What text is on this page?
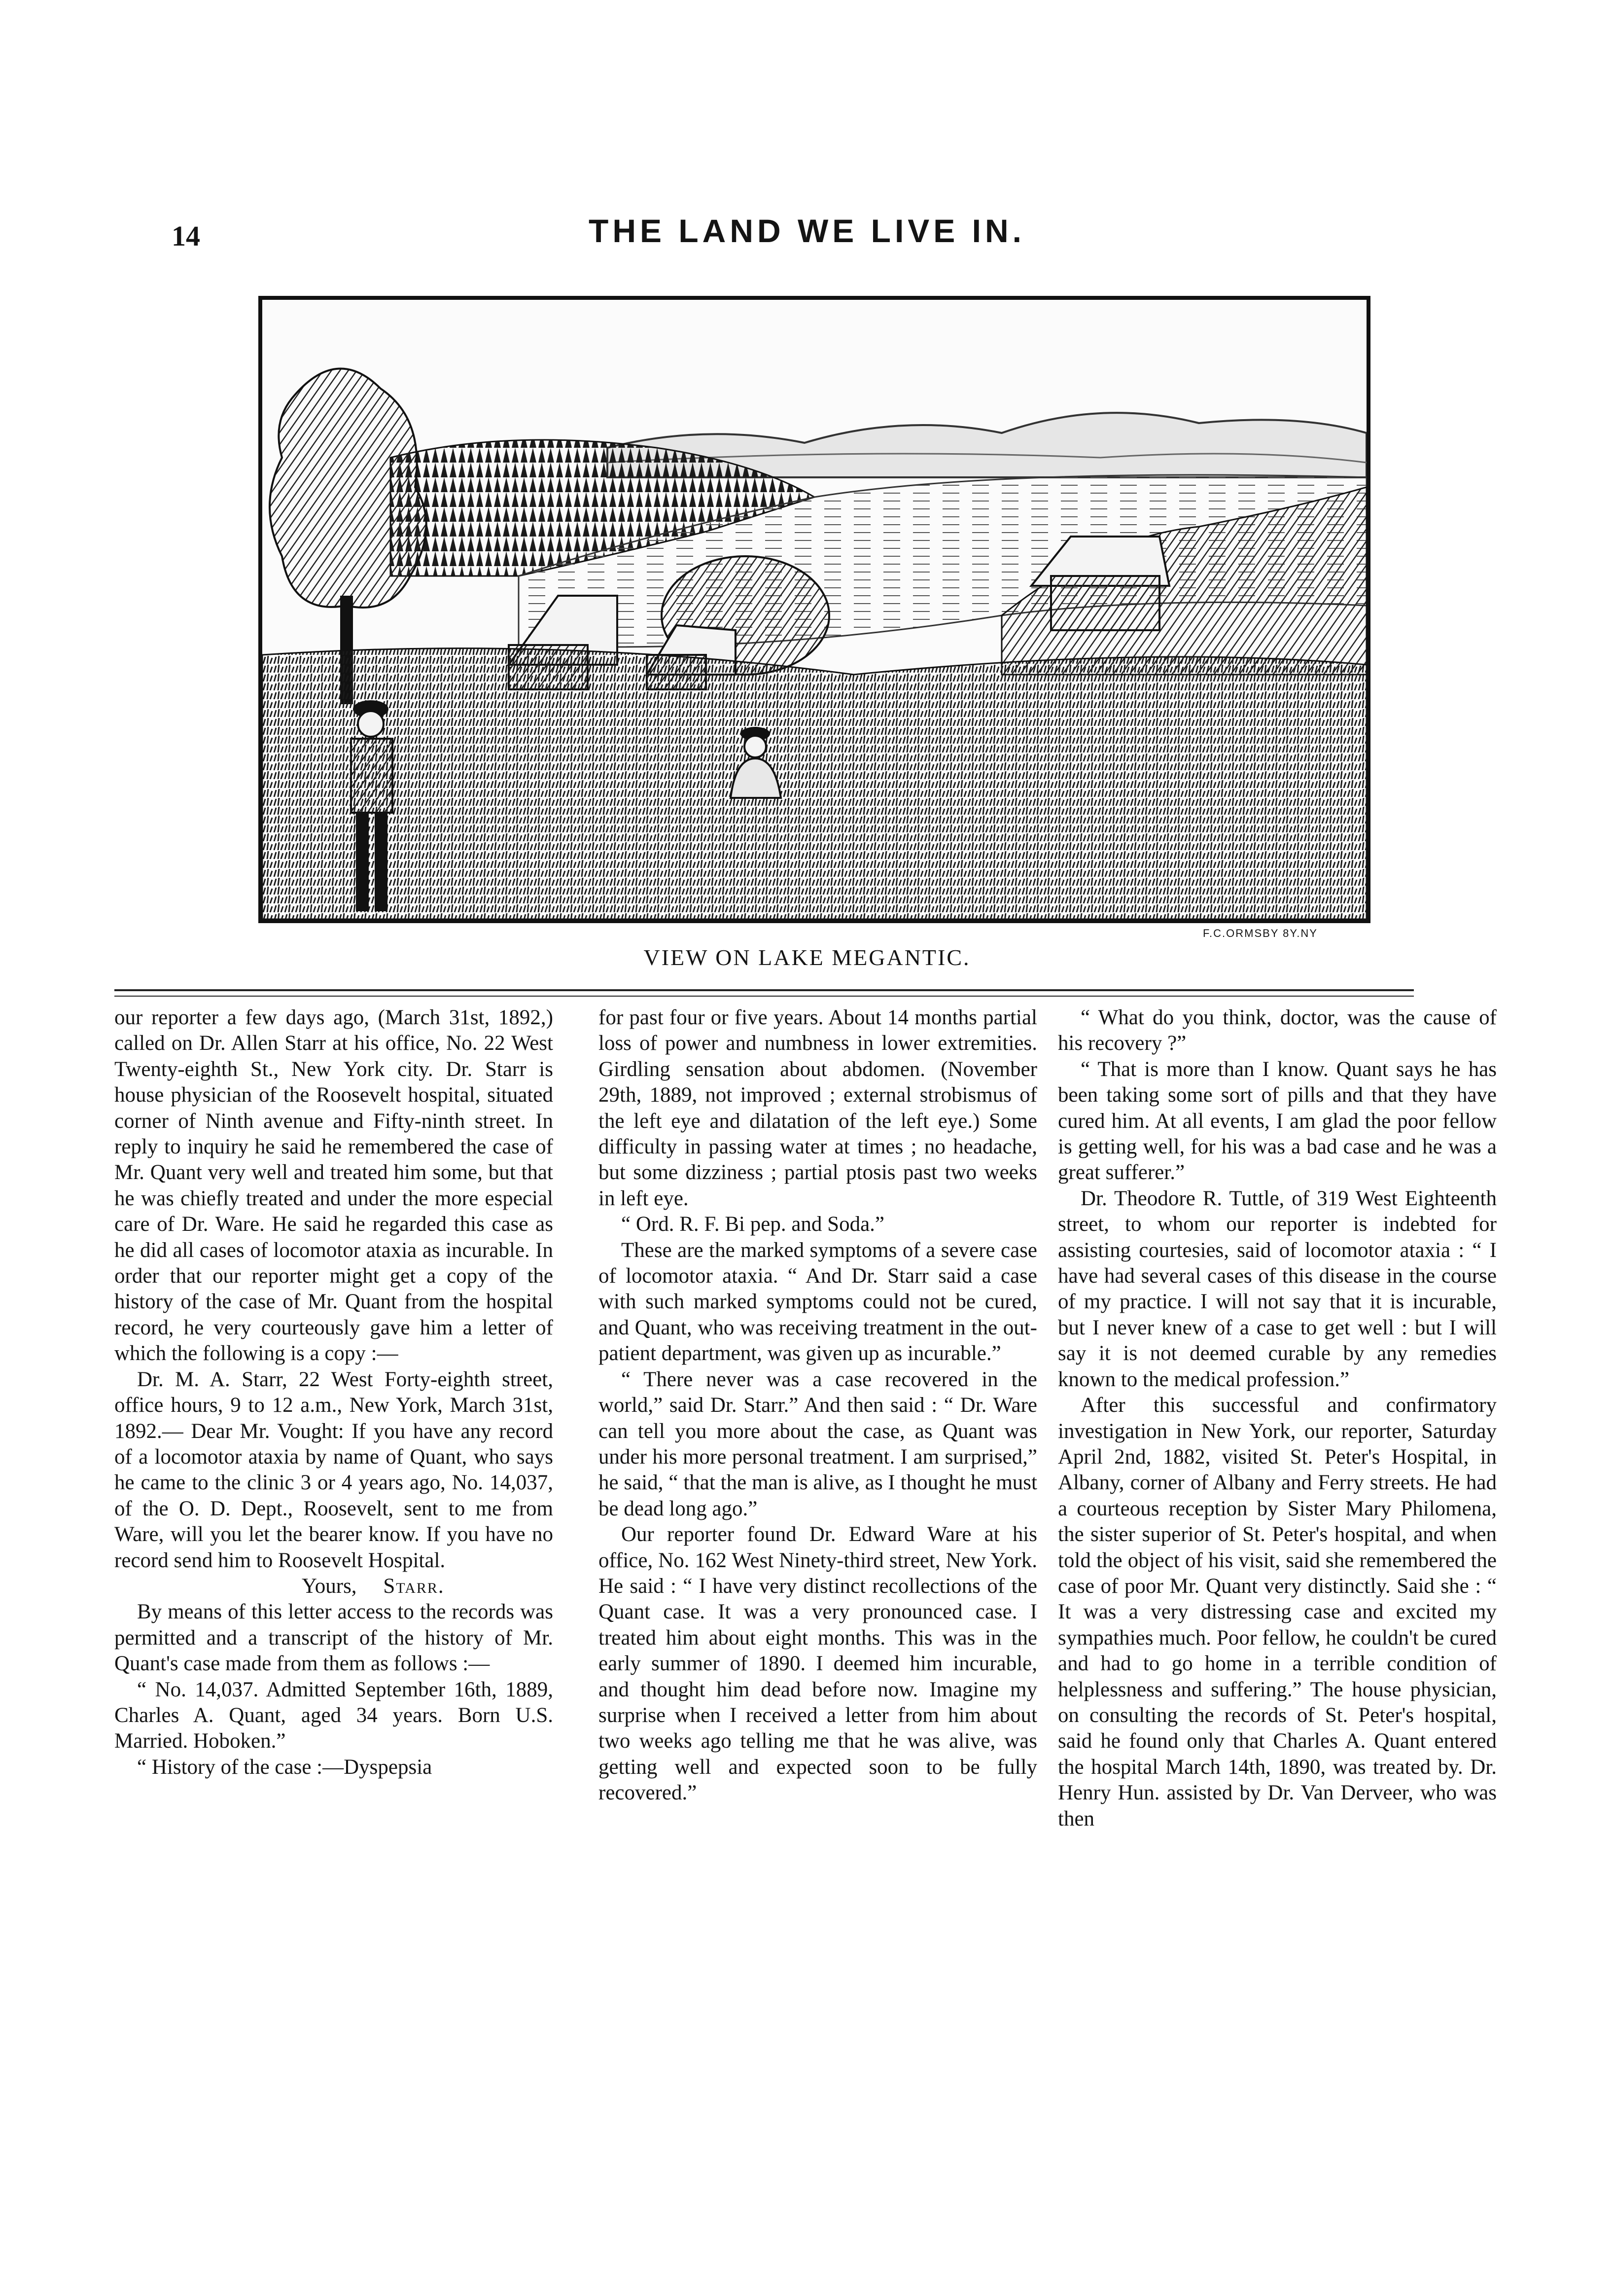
14	THE LAND WE LIVE IN.
F.C.ORMSBY 8Y.NY
VIEW ON LAKE MEGANTIC.

our reporter a few days ago, (March 31st, 1892,) called on Dr. Allen Starr at his office, No. 22 West Twenty-eighth St., New York city. Dr. Starr is house physician of the Roosevelt hospital, situated corner of Ninth avenue and Fifty-ninth street. In reply to inquiry he said he remembered the case of Mr. Quant very well and treated him some, but that he was chiefly treated and under the more especial care of Dr. Ware. He said he regarded this case as he did all cases of locomotor ataxia as incurable. In order that our reporter might get a copy of the history of the case of Mr. Quant from the hospital record, he very courteously gave him a letter of which the following is a copy :—

Dr. M. A. Starr, 22 West Forty-eighth street, office hours, 9 to 12 a.m., New York, March 31st, 1892.— Dear Mr. Vought: If you have any record of a locomotor ataxia by name of Quant, who says he came to the clinic 3 or 4 years ago, No. 14,037, of the O. D. Dept., Roosevelt, sent to me from Ware, will you let the bearer know. If you have no record send him to Roosevelt Hospital.

Yours, Starr.

By means of this letter access to the records was permitted and a transcript of the history of Mr. Quant's case made from them as follows :—

“ No. 14,037. Admitted September 16th, 1889, Charles A. Quant, aged 34 years. Born U.S. Married. Hoboken.”

“ History of the case :—Dyspepsia

for past four or five years. About 14 months partial loss of power and numbness in lower extremities. Girdling sensation about abdomen. (November 29th, 1889, not improved ; external strobismus of the left eye and dilatation of the left eye.) Some difficulty in passing water at times ; no headache, but some dizziness ; partial ptosis past two weeks in left eye.

“ Ord. R. F. Bi pep. and Soda.”

These are the marked symptoms of a severe case of locomotor ataxia. “ And Dr. Starr said a case with such marked symptoms could not be cured, and Quant, who was receiving treatment in the out-patient department, was given up as incurable.”

“ There never was a case recovered in the world,” said Dr. Starr.” And then said : “ Dr. Ware can tell you more about the case, as Quant was under his more personal treatment. I am surprised,” he said, “ that the man is alive, as I thought he must be dead long ago.”

Our reporter found Dr. Edward Ware at his office, No. 162 West Ninety-third street, New York. He said : “ I have very distinct recollections of the Quant case. It was a very pronounced case. I treated him about eight months. This was in the early summer of 1890. I deemed him incurable, and thought him dead before now. Imagine my surprise when I received a letter from him about two weeks ago telling me that he was alive, was getting well and expected soon to be fully recovered.”

“ What do you think, doctor, was the cause of his recovery ?”

“ That is more than I know. Quant says he has been taking some sort of pills and that they have cured him. At all events, I am glad the poor fellow is getting well, for his was a bad case and he was a great sufferer.”

Dr. Theodore R. Tuttle, of 319 West Eighteenth street, to whom our reporter is indebted for assisting courtesies, said of locomotor ataxia : “ I have had several cases of this disease in the course of my practice. I will not say that it is incurable, but I never knew of a case to get well : but I will say it is not deemed curable by any remedies known to the medical profession.”

After this successful and confirmatory investigation in New York, our reporter, Saturday April 2nd, 1882, visited St. Peter's Hospital, in Albany, corner of Albany and Ferry streets. He had a courteous reception by Sister Mary Philomena, the sister superior of St. Peter's hospital, and when told the object of his visit, said she remembered the case of poor Mr. Quant very distinctly. Said she : “ It was a very distressing case and excited my sympathies much. Poor fellow, he couldn't be cured and had to go home in a terrible condition of helplessness and suffering.” The house physician, on consulting the records of St. Peter's hospital, said he found only that Charles A. Quant entered the hospital March 14th, 1890, was treated by. Dr. Henry Hun. assisted by Dr. Van Derveer, who was then
